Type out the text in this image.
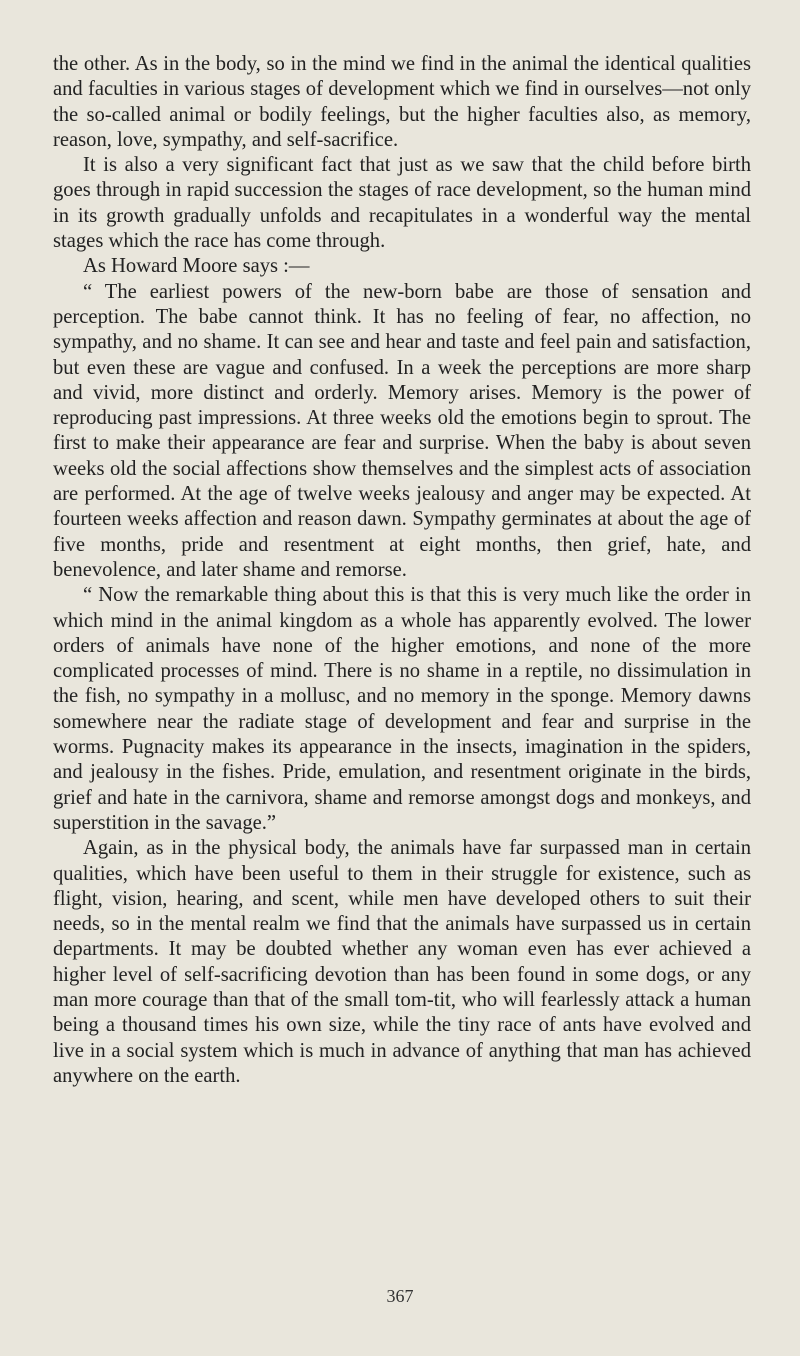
the other. As in the body, so in the mind we find in the animal the identical qualities and faculties in various stages of development which we find in ourselves—not only the so-called animal or bodily feelings, but the higher faculties also, as memory, reason, love, sympathy, and self-sacrifice.

It is also a very significant fact that just as we saw that the child before birth goes through in rapid succession the stages of race development, so the human mind in its growth gradually unfolds and recapitulates in a wonderful way the mental stages which the race has come through.

As Howard Moore says :—

“ The earliest powers of the new-born babe are those of sensation and perception. The babe cannot think. It has no feeling of fear, no affection, no sympathy, and no shame. It can see and hear and taste and feel pain and satisfaction, but even these are vague and confused. In a week the perceptions are more sharp and vivid, more distinct and orderly. Memory arises. Memory is the power of reproducing past impressions. At three weeks old the emotions begin to sprout. The first to make their appearance are fear and surprise. When the baby is about seven weeks old the social affections show themselves and the simplest acts of association are performed. At the age of twelve weeks jealousy and anger may be expected. At fourteen weeks affection and reason dawn. Sympathy germinates at about the age of five months, pride and resentment at eight months, then grief, hate, and benevolence, and later shame and remorse.

“ Now the remarkable thing about this is that this is very much like the order in which mind in the animal kingdom as a whole has apparently evolved. The lower orders of animals have none of the higher emotions, and none of the more complicated processes of mind. There is no shame in a reptile, no dissimulation in the fish, no sympathy in a mollusc, and no memory in the sponge. Memory dawns somewhere near the radiate stage of development and fear and surprise in the worms. Pugnacity makes its appearance in the insects, imagination in the spiders, and jealousy in the fishes. Pride, emulation, and resentment originate in the birds, grief and hate in the carnivora, shame and remorse amongst dogs and monkeys, and superstition in the savage.”

Again, as in the physical body, the animals have far surpassed man in certain qualities, which have been useful to them in their struggle for existence, such as flight, vision, hearing, and scent, while men have developed others to suit their needs, so in the mental realm we find that the animals have surpassed us in certain departments. It may be doubted whether any woman even has ever achieved a higher level of self-sacrificing devotion than has been found in some dogs, or any man more courage than that of the small tom-tit, who will fearlessly attack a human being a thousand times his own size, while the tiny race of ants have evolved and live in a social system which is much in advance of anything that man has achieved anywhere on the earth.

367
